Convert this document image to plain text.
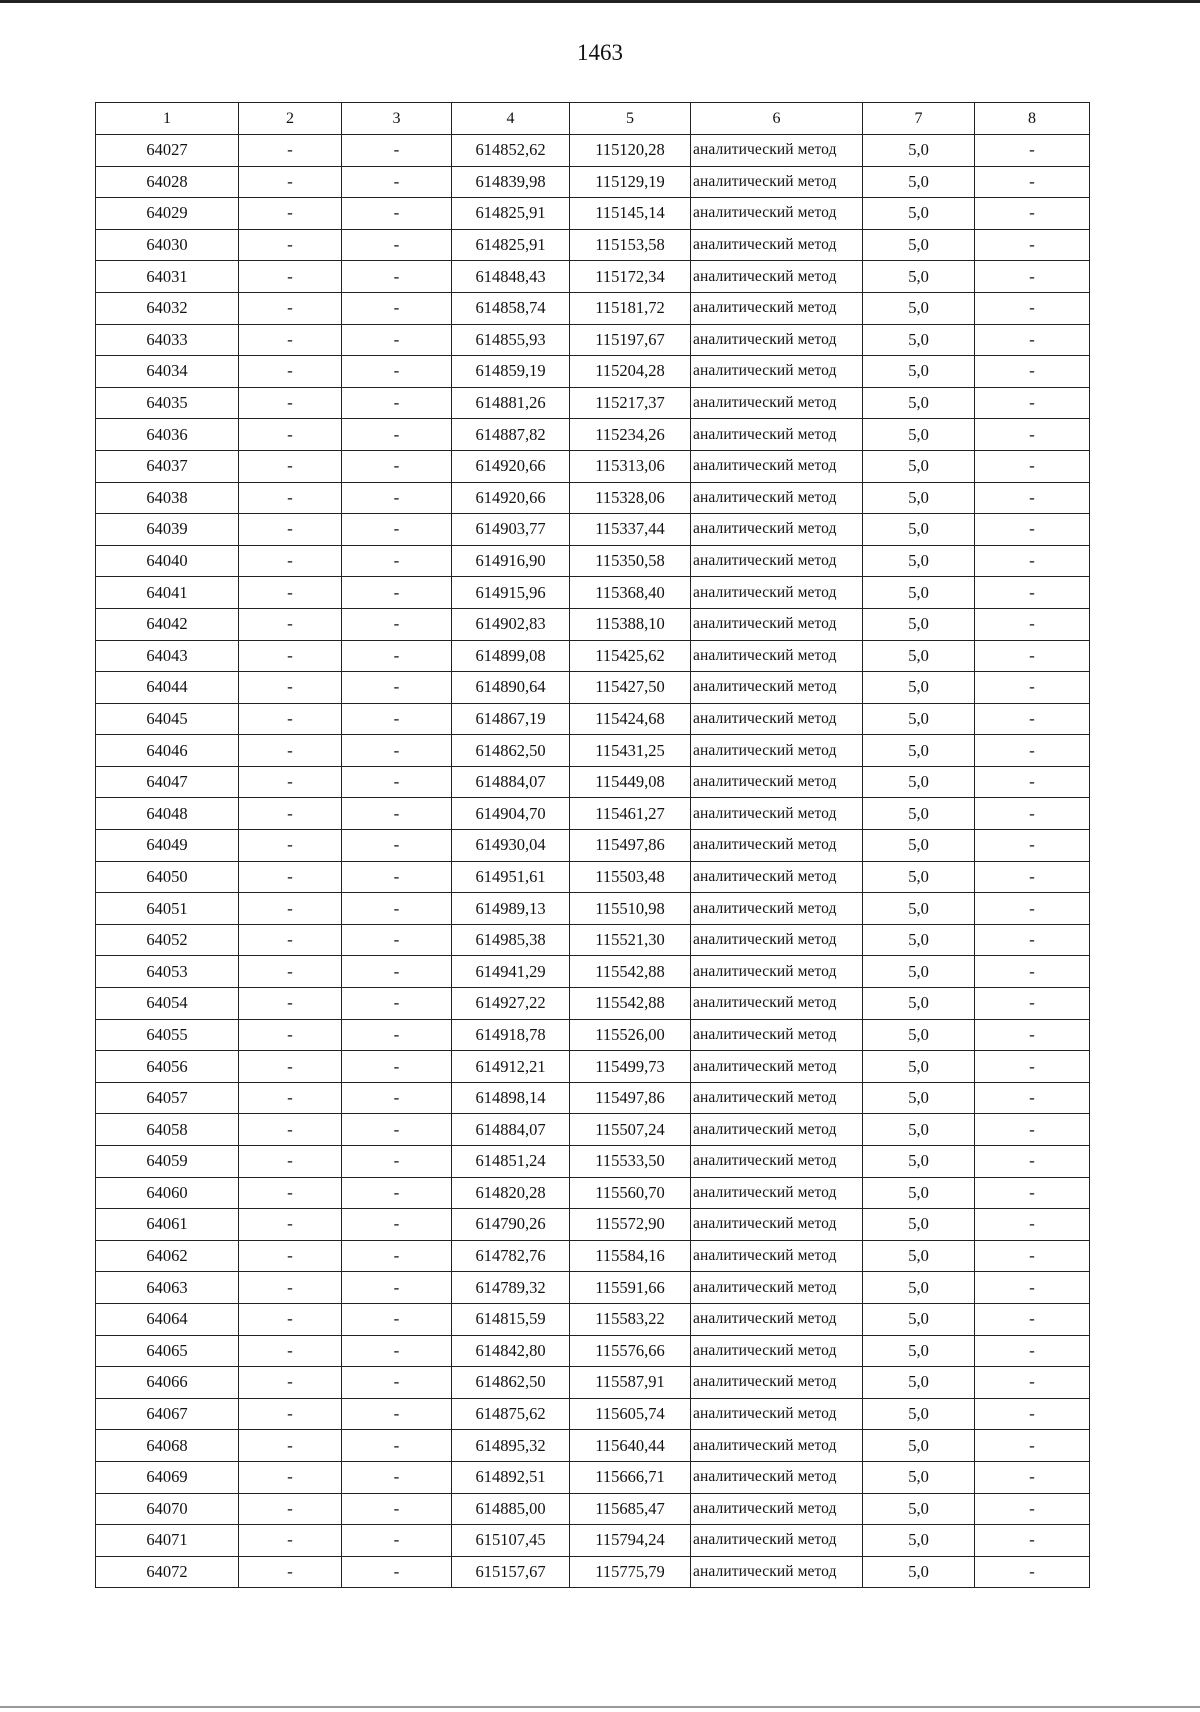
1463
1	2	3	4	5	6	7	8
64027	-	-	614852,62	115120,28	аналитический метод	5,0	-
64028	-	-	614839,98	115129,19	аналитический метод	5,0	-
64029	-	-	614825,91	115145,14	аналитический метод	5,0	-
64030	-	-	614825,91	115153,58	аналитический метод	5,0	-
64031	-	-	614848,43	115172,34	аналитический метод	5,0	-
64032	-	-	614858,74	115181,72	аналитический метод	5,0	-
64033	-	-	614855,93	115197,67	аналитический метод	5,0	-
64034	-	-	614859,19	115204,28	аналитический метод	5,0	-
64035	-	-	614881,26	115217,37	аналитический метод	5,0	-
64036	-	-	614887,82	115234,26	аналитический метод	5,0	-
64037	-	-	614920,66	115313,06	аналитический метод	5,0	-
64038	-	-	614920,66	115328,06	аналитический метод	5,0	-
64039	-	-	614903,77	115337,44	аналитический метод	5,0	-
64040	-	-	614916,90	115350,58	аналитический метод	5,0	-
64041	-	-	614915,96	115368,40	аналитический метод	5,0	-
64042	-	-	614902,83	115388,10	аналитический метод	5,0	-
64043	-	-	614899,08	115425,62	аналитический метод	5,0	-
64044	-	-	614890,64	115427,50	аналитический метод	5,0	-
64045	-	-	614867,19	115424,68	аналитический метод	5,0	-
64046	-	-	614862,50	115431,25	аналитический метод	5,0	-
64047	-	-	614884,07	115449,08	аналитический метод	5,0	-
64048	-	-	614904,70	115461,27	аналитический метод	5,0	-
64049	-	-	614930,04	115497,86	аналитический метод	5,0	-
64050	-	-	614951,61	115503,48	аналитический метод	5,0	-
64051	-	-	614989,13	115510,98	аналитический метод	5,0	-
64052	-	-	614985,38	115521,30	аналитический метод	5,0	-
64053	-	-	614941,29	115542,88	аналитический метод	5,0	-
64054	-	-	614927,22	115542,88	аналитический метод	5,0	-
64055	-	-	614918,78	115526,00	аналитический метод	5,0	-
64056	-	-	614912,21	115499,73	аналитический метод	5,0	-
64057	-	-	614898,14	115497,86	аналитический метод	5,0	-
64058	-	-	614884,07	115507,24	аналитический метод	5,0	-
64059	-	-	614851,24	115533,50	аналитический метод	5,0	-
64060	-	-	614820,28	115560,70	аналитический метод	5,0	-
64061	-	-	614790,26	115572,90	аналитический метод	5,0	-
64062	-	-	614782,76	115584,16	аналитический метод	5,0	-
64063	-	-	614789,32	115591,66	аналитический метод	5,0	-
64064	-	-	614815,59	115583,22	аналитический метод	5,0	-
64065	-	-	614842,80	115576,66	аналитический метод	5,0	-
64066	-	-	614862,50	115587,91	аналитический метод	5,0	-
64067	-	-	614875,62	115605,74	аналитический метод	5,0	-
64068	-	-	614895,32	115640,44	аналитический метод	5,0	-
64069	-	-	614892,51	115666,71	аналитический метод	5,0	-
64070	-	-	614885,00	115685,47	аналитический метод	5,0	-
64071	-	-	615107,45	115794,24	аналитический метод	5,0	-
64072	-	-	615157,67	115775,79	аналитический метод	5,0	-
